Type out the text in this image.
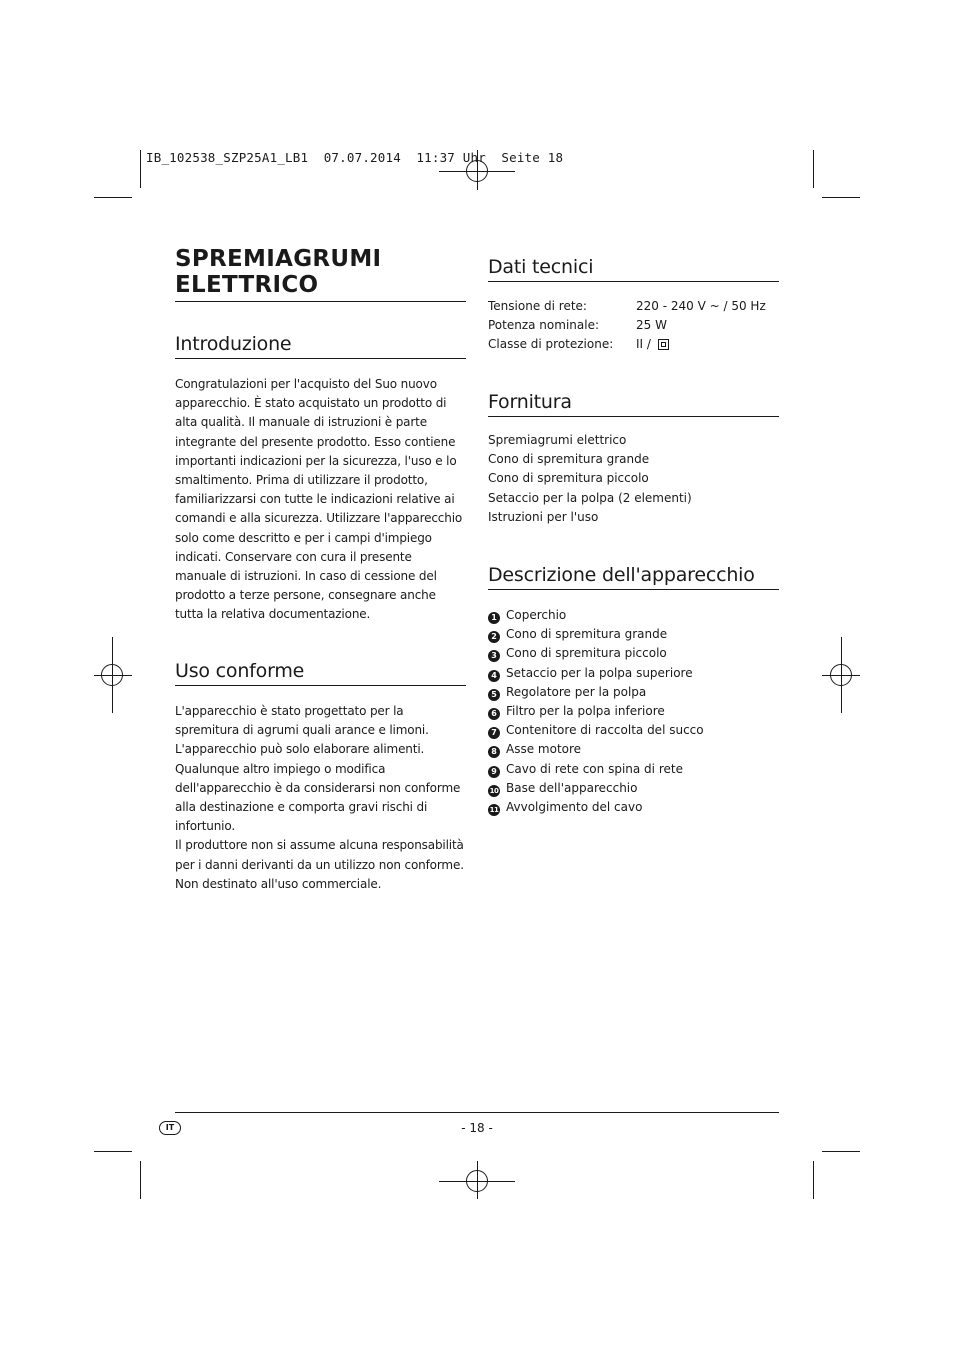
IB_102538_SZP25A1_LB1  07.07.2014  11:37 Uhr  Seite 18
SPREMIAGRUMI
ELETTRICO
Introduzione

Congratulazioni per l'acquisto del Suo nuovo apparecchio. È stato acquistato un prodotto di alta qualità. Il manuale di istruzioni è parte integrante del presente prodotto. Esso contiene importanti indicazioni per la sicurezza, l'uso e lo smaltimento. Prima di utilizzare il prodotto, familiarizzarsi con tutte le indicazioni relative ai comandi e alla sicurezza. Utilizzare l'apparecchio solo come descritto e per i campi d'impiego indicati. Conservare con cura il presente manuale di istruzioni. In caso di cessione del prodotto a terze persone, consegnare anche tutta la relativa documentazione.

Uso conforme

L'apparecchio è stato progettato per la spremitura di agrumi quali arance e limoni. L'apparecchio può solo elaborare alimenti. Qualunque altro impiego o modifica dell'apparecchio è da considerarsi non conforme alla destinazione e comporta gravi rischi di infortunio.

Il produttore non si assume alcuna responsabilità per i danni derivanti da un utilizzo non conforme. Non destinato all'uso commerciale.

Dati tecnici
Tensione di rete:	220 - 240 V ~ / 50 Hz
Potenza nominale:	25 W
Classe di protezione:	II /
Fornitura
Spremiagrumi elettrico
Cono di spremitura grande
Cono di spremitura piccolo
Setaccio per la polpa (2 elementi)
Istruzioni per l'uso
Descrizione dell'apparecchio
1 Coperchio
2 Cono di spremitura grande
3 Cono di spremitura piccolo
4 Setaccio per la polpa superiore
5 Regolatore per la polpa
6 Filtro per la polpa inferiore
7 Contenitore di raccolta del succo
8 Asse motore
9 Cavo di rete con spina di rete
10 Base dell'apparecchio
11 Avvolgimento del cavo
IT	- 18 -
